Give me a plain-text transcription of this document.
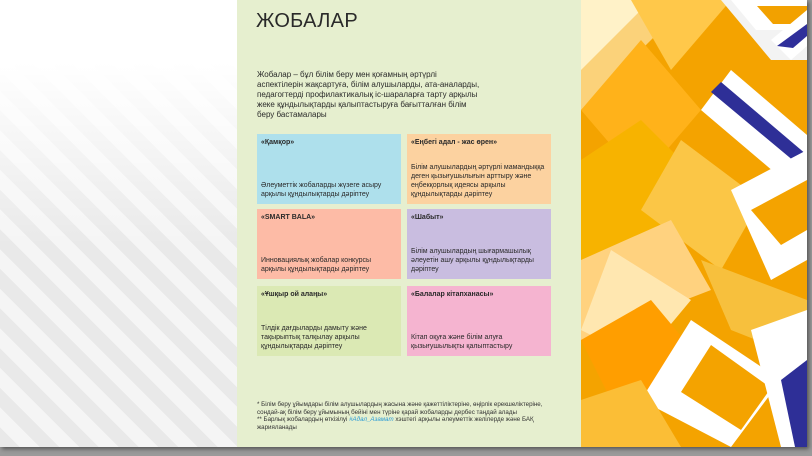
ЖОБАЛАР
Жобалар – бұл білім беру мен қоғамның әртүрлі аспектілерін жақсартуға, білім алушыларды, ата-аналарды, педагогтерді профилактикалық іс-шараларға тарту арқылы жеке құндылықтарды қалыптастыруға бағытталған білім беру бастамалары
«Қамқор»
Әлеуметтік жобаларды жүзеге асыру арқылы құндылықтарды дәріптеу
«Еңбегі адал - жас өрен»
Білім алушылардың әртүрлі мамандыққа деген қызығушылығын арттыру және еңбекқорлық идеясы арқылы құндылықтарды дәріптеу
«SMART BALA»
Инновациялық жобалар конкурсы арқылы құндылықтарды дәріптеу
«Шабыт»
Білім алушылардың шығармашылық әлеуетін ашу арқылы құндылықтарды дәріптеу
«Ұшқыр ой алаңы»
Тілдік дағдыларды дамыту және тақырыптық талқылау арқылы құндылықтарды дәріптеу
«Балалар кітапханасы»
Кітап оқуға және білім алуға қызығушылықты қалыптастыру
* Білім беру ұйымдары білім алушылардың жасына және қажеттіліктеріне, өңірлік ерекшеліктеріне, сондай-ақ білім беру ұйымының бейіні мен түріне қарай жобаларды дербес таңдай алады
** Барлық жобалардың өткізілуі #Адал_Азамат хэштегі арқылы әлеуметтік желілерде және БАҚ жарияланады
